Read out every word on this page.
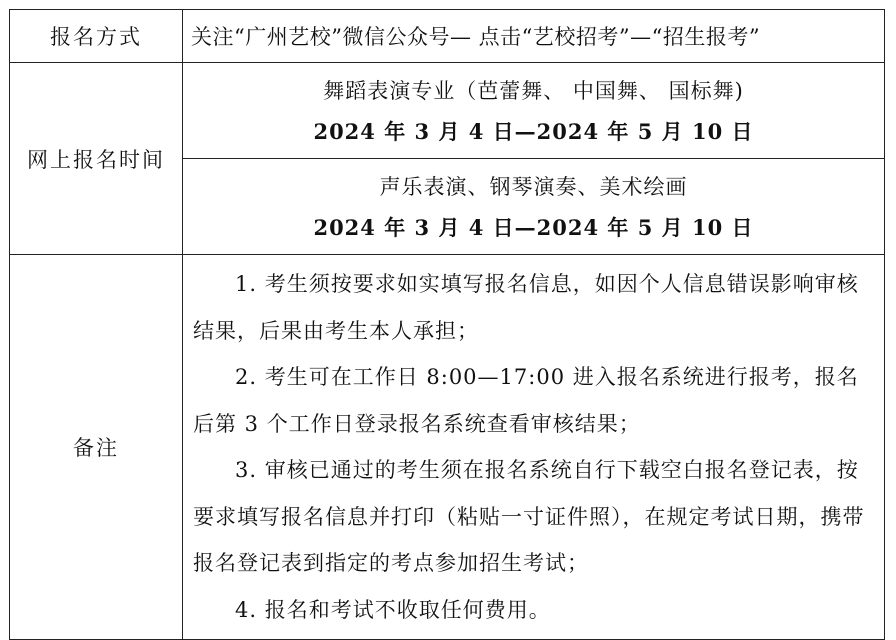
报名方式	关注“广州艺校”微信公众号— 点击“艺校招考”—“招生报考”

网上报名时间	舞蹈表演专业（芭蕾舞、 中国舞、 国标舞)
2024 年 3 月 4 日—2024 年 5 月 10 日

	声乐表演、钢琴演奏、美术绘画
2024 年 3 月 4 日—2024 年 5 月 10 日

备注	1. 考生须按要求如实填写报名信息，如因个人信息错误影响审核结果，后果由考生本人承担；

2. 考生可在工作日 8:00—17:00 进入报名系统进行报考，报名后第 3 个工作日登录报名系统查看审核结果；

3. 审核已通过的考生须在报名系统自行下载空白报名登记表，按要求填写报名信息并打印（粘贴一寸证件照），在规定考试日期，携带报名登记表到指定的考点参加招生考试；

4. 报名和考试不收取任何费用。
